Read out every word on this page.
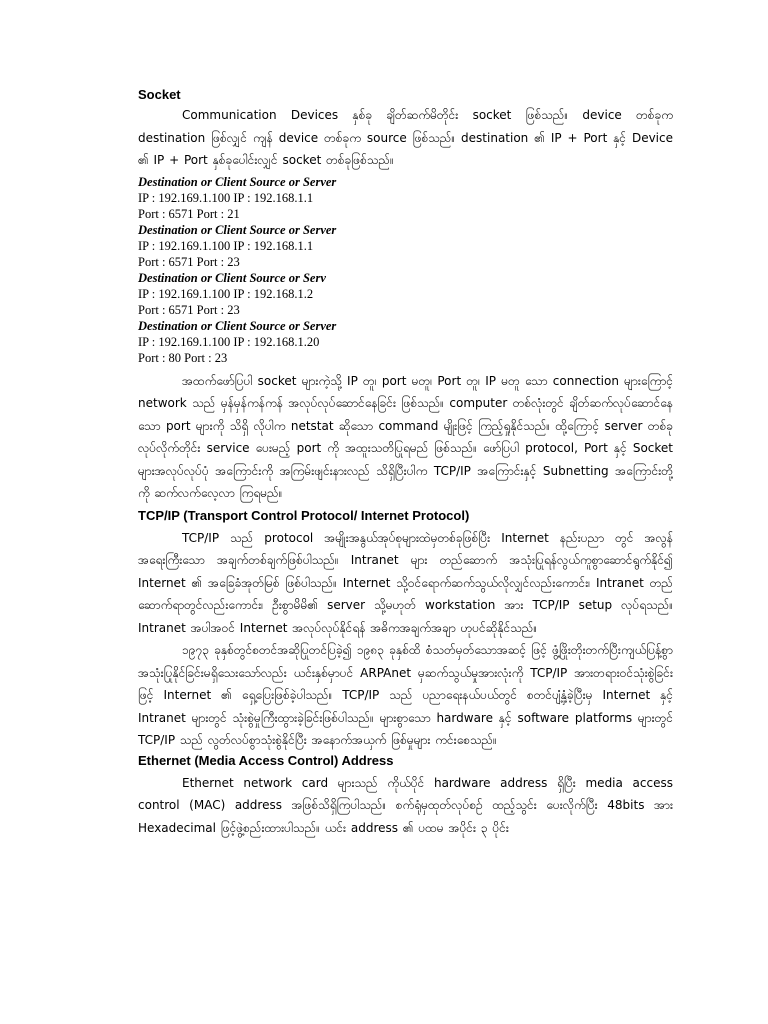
Socket

Communication Devices နှစ်ခု ချိတ်ဆက်မိတိုင်း socket ဖြစ်သည်။ device တစ်ခုက destination ဖြစ်လျှင် ကျန် device တစ်ခုက source ဖြစ်သည်။ destination ၏ IP + Port နှင့် Device ၏ IP + Port နှစ်ခုပေါင်းလျှင် socket တစ်ခုဖြစ်သည်။

Destination or Client Source or Server

IP : 192.169.1.100 IP : 192.168.1.1

Port : 6571 Port : 21

Destination or Client Source or Server

IP : 192.169.1.100 IP : 192.168.1.1

Port : 6571 Port : 23

Destination or Client Source or Serv

IP : 192.169.1.100 IP : 192.168.1.2

Port : 6571 Port : 23

Destination or Client Source or Server

IP : 192.169.1.100 IP : 192.168.1.20

Port : 80 Port : 23

အထက်ဖော်ပြပါ socket များကဲ့သို့ IP တူ၊ port မတူ၊ Port တူ၊ IP မတူ သော connection များကြောင့် network သည် မှန်မှန်ကန်ကန် အလုပ်လုပ်ဆောင်နေခြင်း ဖြစ်သည်။ computer တစ်လုံးတွင် ချိတ်ဆက်လုပ်ဆောင်နေသော port များကို သိရှိ လိုပါက netstat ဆိုသော command မျိုးဖြင့် ကြည့်ရှုနိုင်သည်။ ထို့ကြောင့် server တစ်ခု လုပ်လိုက်တိုင်း service ပေးမည့် port ကို အထူးသတိပြုရမည် ဖြစ်သည်။ ဖော်ပြပါ protocol, Port နှင့် Socket များအလုပ်လုပ်ပုံ အကြောင်းကို အကြမ်းဖျင်းနားလည် သိရှိပြီးပါက TCP/IP အကြောင်းနှင့် Subnetting အကြောင်းတို့ကို ဆက်လက်လေ့လာ ကြရမည်။

TCP/IP (Transport Control Protocol/ Internet Protocol)

TCP/IP သည် protocol အမျိုးအနွယ်အုပ်စုများထဲမှတစ်ခုဖြစ်ပြီး Internet နည်းပညာ တွင် အလွန်အရေးကြီးသော အချက်တစ်ချက်ဖြစ်ပါသည်။ Intranet များ တည်ဆောက် အသုံးပြုရန်လွယ်ကူစွာဆောင်ရွက်နိုင်၍ Internet ၏ အခြေခံအုတ်မြစ် ဖြစ်ပါသည်။ Internet သို့ဝင်ရောက်ဆက်သွယ်လိုလျှင်လည်းကောင်း၊ Intranet တည် ဆောက်ရာတွင်လည်းကောင်း၊ ဦးစွာမိမိ၏ server သို့မဟုတ် workstation အား TCP/IP setup လုပ်ရသည်။ Intranet အပါအဝင် Internet အလုပ်လုပ်နိုင်ရန် အဓိကအချက်အချာ ဟုပင်ဆိုနိုင်သည်။

၁၉၇၃ ခုနှစ်တွင်စတင်အဆိုပြုတင်ပြခဲ့၍ ၁၉၈၃ ခုနှစ်ထိ စံသတ်မှတ်သောအဆင့် ဖြင့် ဖွံ့ဖြိုးတိုးတက်ပြီးကျယ်ပြန့်စွာ အသုံးပြုနိုင်ခြင်းမရှိသေးသော်လည်း ယင်းနှစ်မှာပင် ARPAnet မှဆက်သွယ်မှုအားလုံးကို TCP/IP အားတရားဝင်သုံးစွဲခြင်းဖြင့် Internet ၏ ရှေ့ပြေးဖြစ်ခဲ့ပါသည်။ TCP/IP သည် ပညာရေးနယ်ပယ်တွင် စတင်ပျံ့နှံ့ခဲ့ပြီးမှ Internet နှင့် Intranet များတွင် သုံးစွဲမှုကြီးထွားခဲ့ခြင်းဖြစ်ပါသည်။ များစွာသော hardware နှင့် software platforms များတွင် TCP/IP သည် လွတ်လပ်စွာသုံးစွဲနိုင်ပြီး အနောက်အယှက် ဖြစ်မှုများ ကင်းစေသည်။

Ethernet (Media Access Control) Address

Ethernet network card များသည် ကိုယ်ပိုင် hardware address ရှိပြီး media access control (MAC) address အဖြစ်သိရှိကြပါသည်။ စက်ရုံမှထုတ်လုပ်စဉ် ထည့်သွင်း ပေးလိုက်ပြီး 48bits အား Hexadecimal ဖြင့်ဖွဲ့စည်းထားပါသည်။ ယင်း address ၏ ပထမ အပိုင်း ၃ ပိုင်း
